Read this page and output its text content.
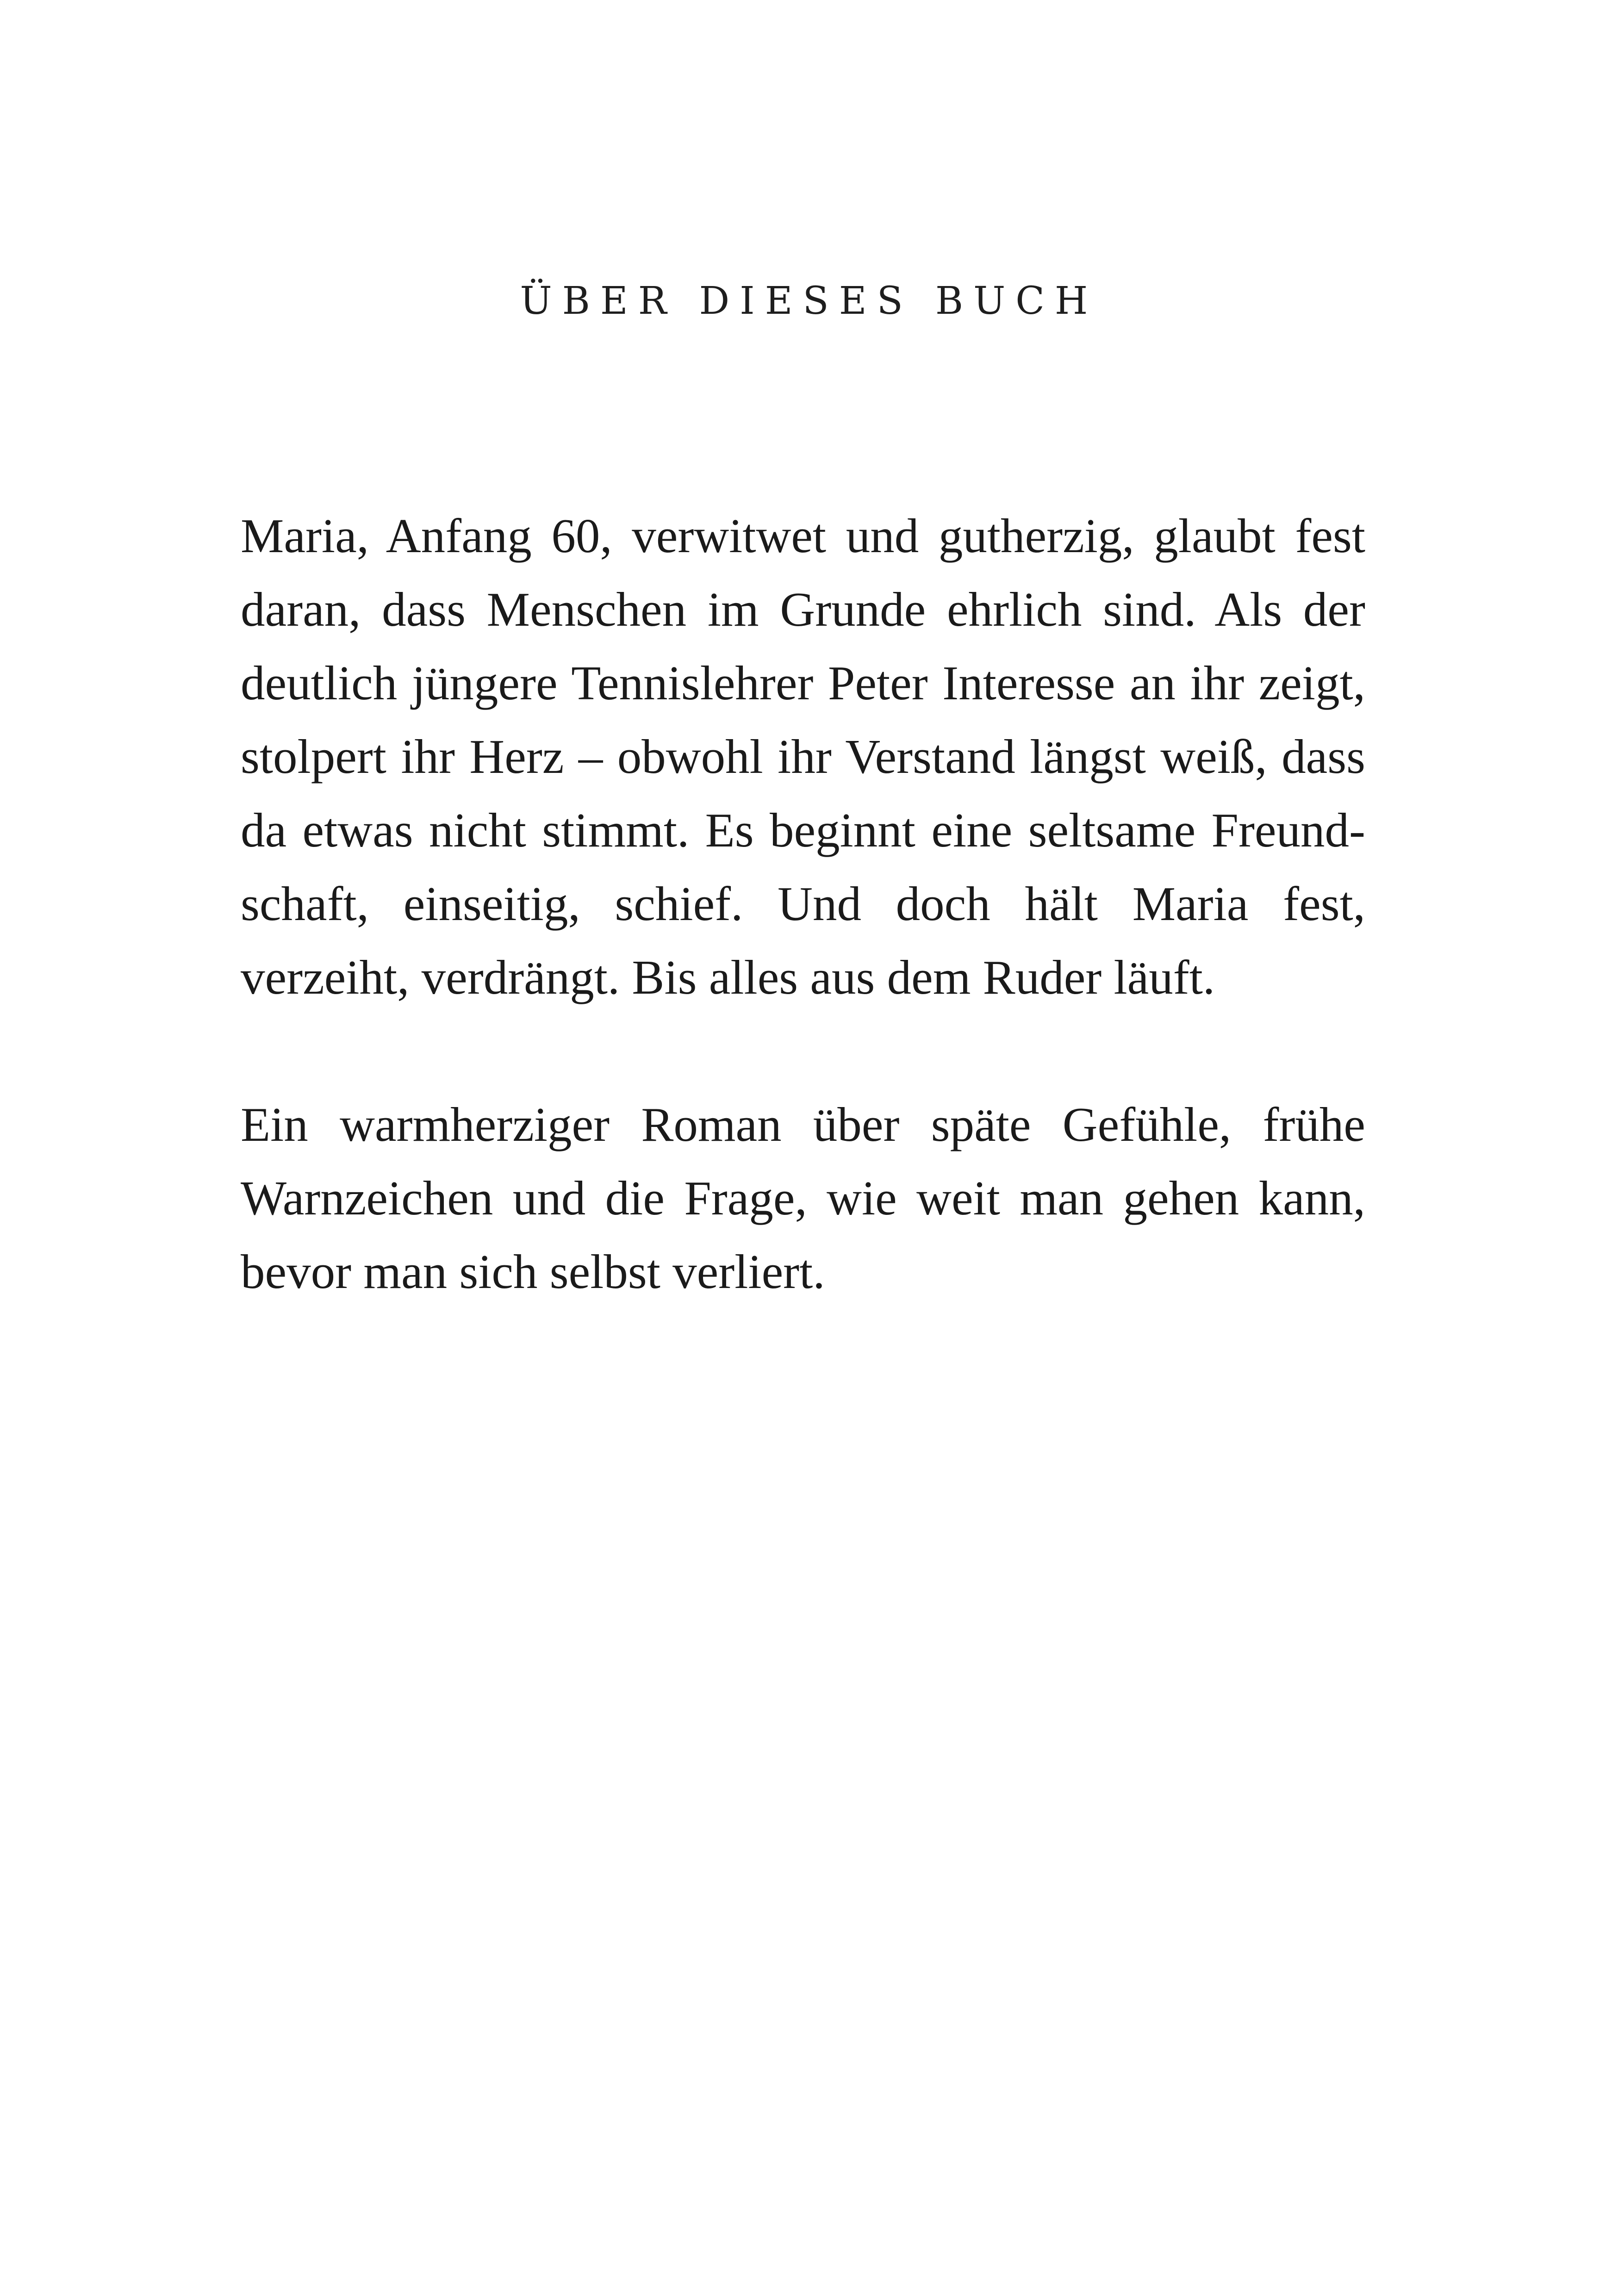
ÜBER DIESES BUCH
Maria, Anfang 60, verwitwet und gutherzig, glaubt fest
daran, dass Menschen im Grunde ehrlich sind. Als der
deutlich jüngere Tennislehrer Peter Interesse an ihr zeigt,
stolpert ihr Herz – obwohl ihr Verstand längst weiß, dass
da etwas nicht stimmt. Es beginnt eine seltsame Freund-
schaft, einseitig, schief. Und doch hält Maria fest,
verzeiht, verdrängt. Bis alles aus dem Ruder läuft.
Ein warmherziger Roman über späte Gefühle, frühe
Warnzeichen und die Frage, wie weit man gehen kann,
bevor man sich selbst verliert.
